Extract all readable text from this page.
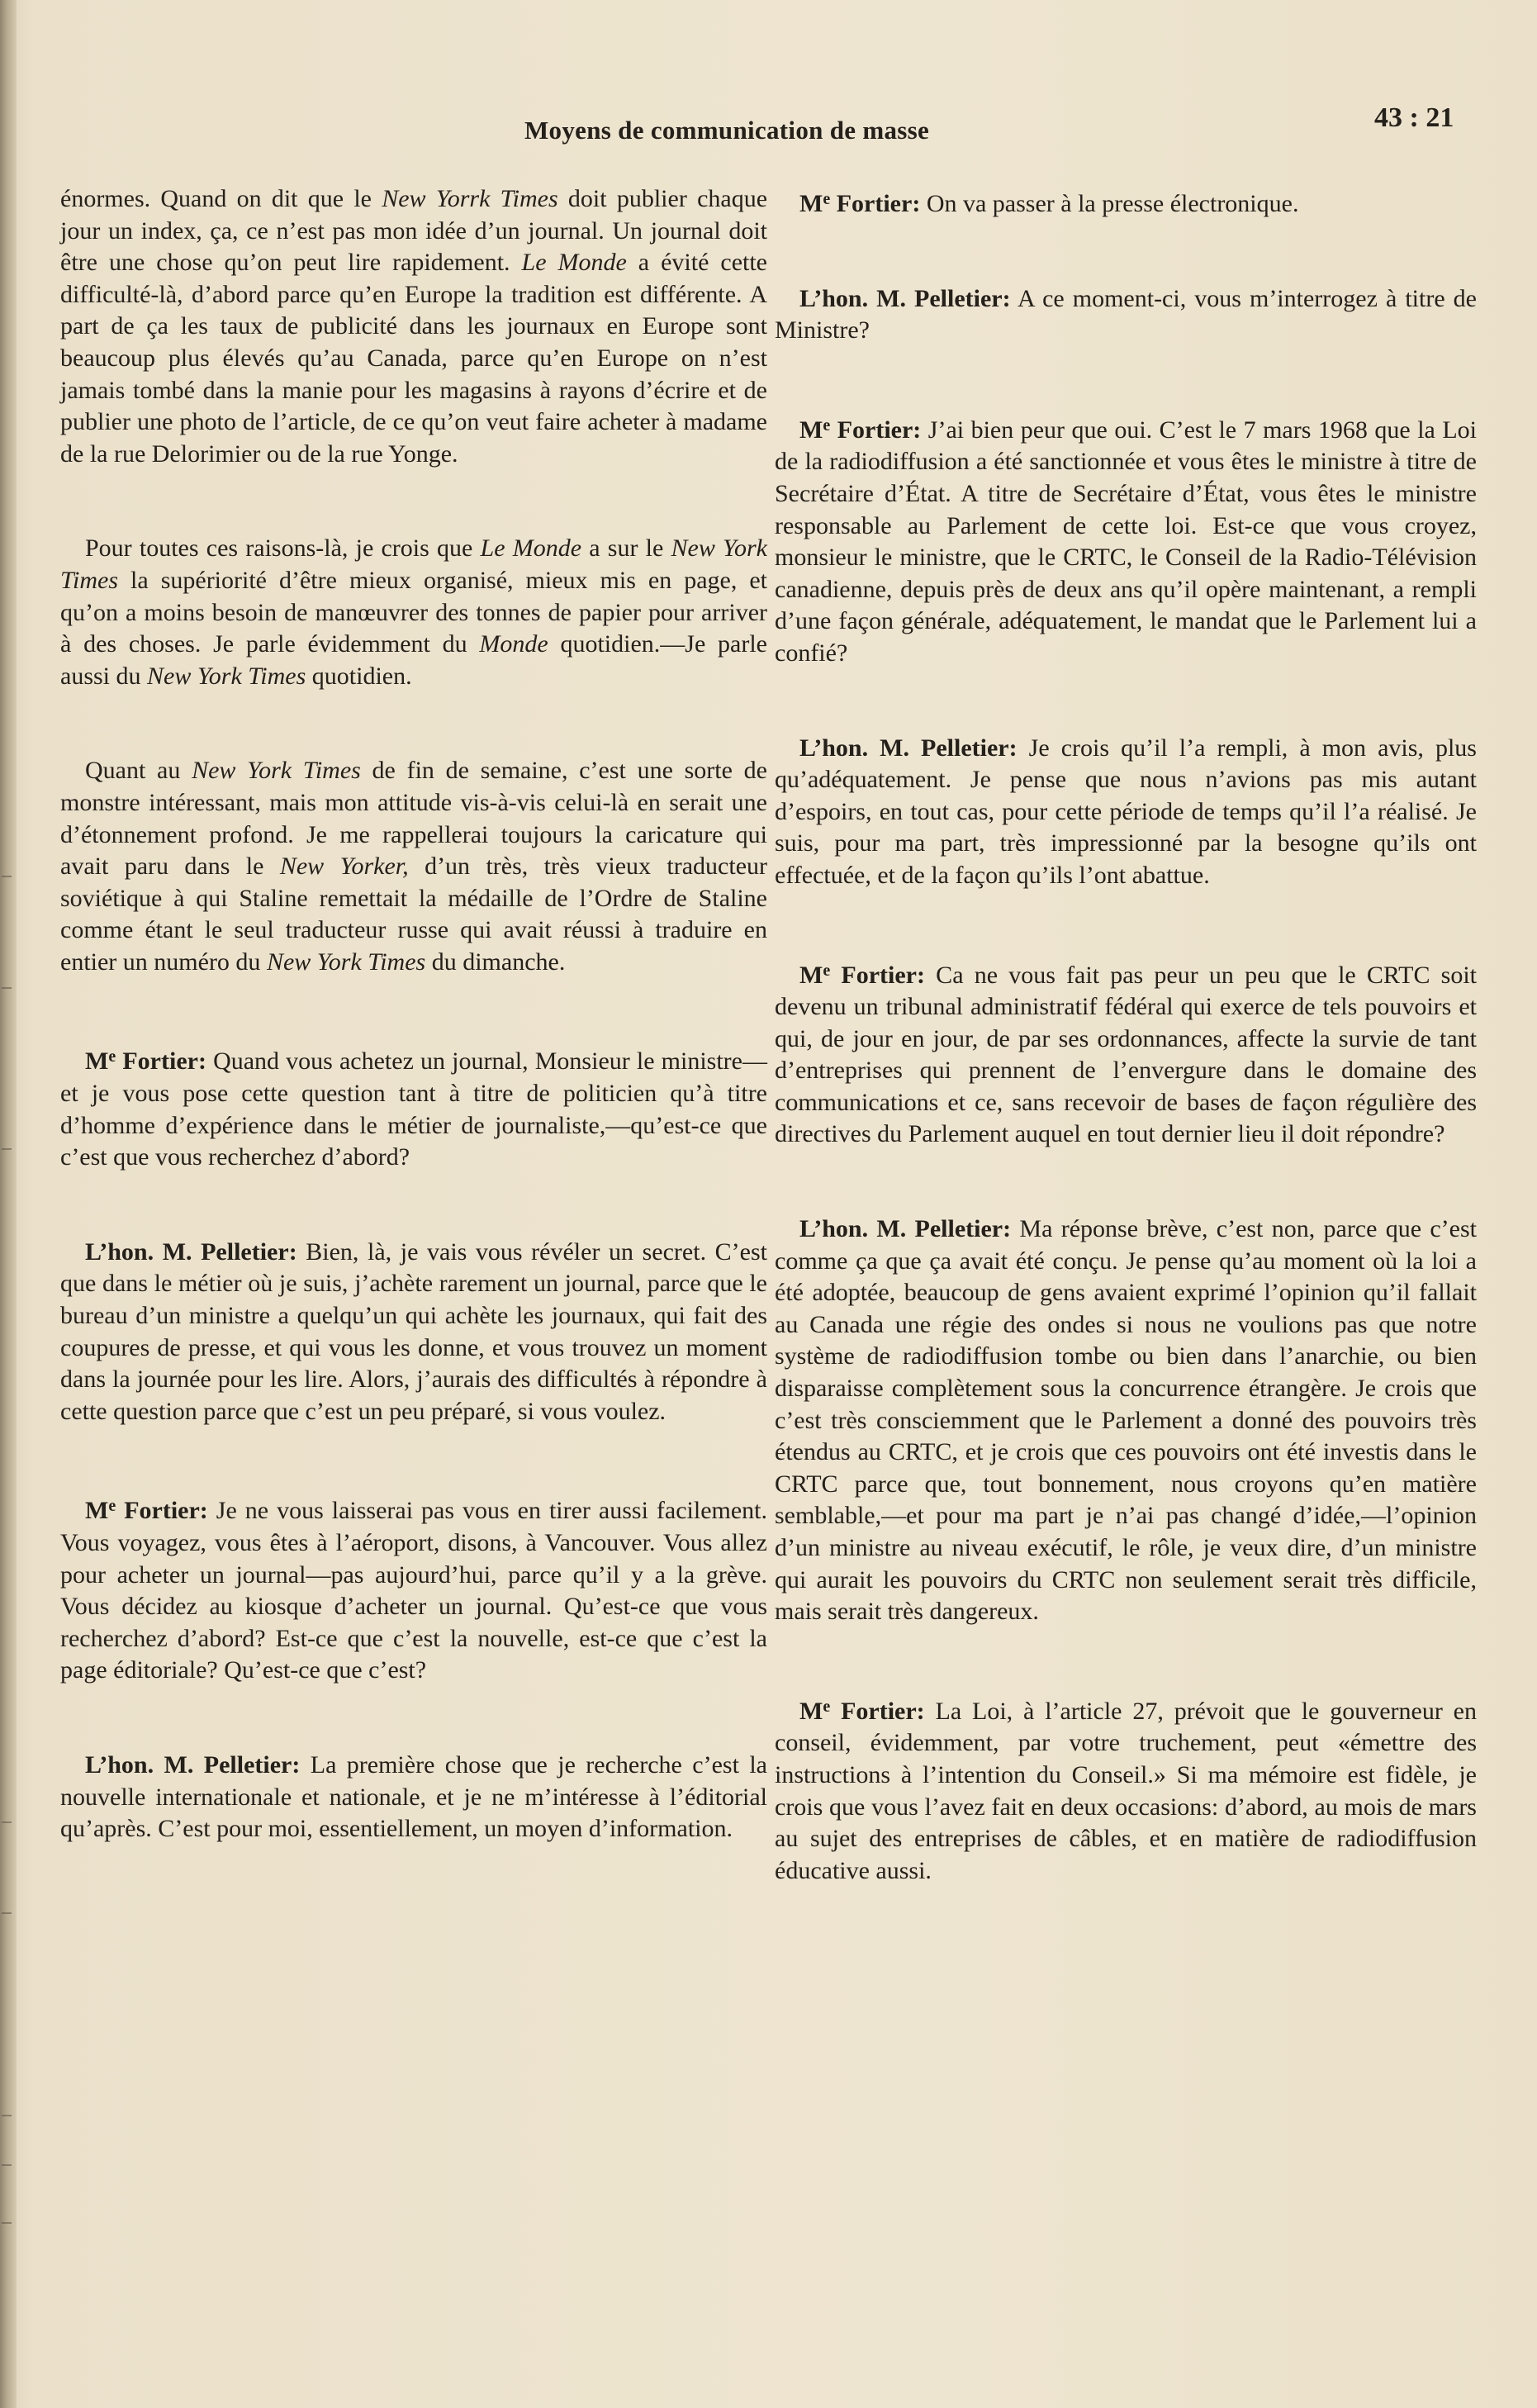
Moyens de communication de masse	43 : 21

énormes. Quand on dit que le New Yorrk Times doit publier chaque jour un index, ça, ce n’est pas mon idée d’un journal. Un journal doit être une chose qu’on peut lire rapidement. Le Monde a évité cette difficulté-là, d’abord parce qu’en Europe la tradition est différente. A part de ça les taux de publicité dans les journaux en Europe sont beaucoup plus élevés qu’au Canada, parce qu’en Europe on n’est jamais tombé dans la manie pour les magasins à rayons d’écrire et de publier une photo de l’article, de ce qu’on veut faire acheter à madame de la rue Delorimier ou de la rue Yonge.

Pour toutes ces raisons-là, je crois que Le Monde a sur le New York Times la supériorité d’être mieux organisé, mieux mis en page, et qu’on a moins besoin de manœuvrer des tonnes de papier pour arriver à des choses. Je parle évidemment du Monde quotidien.—Je parle aussi du New York Times quotidien.

Quant au New York Times de fin de semaine, c’est une sorte de monstre intéressant, mais mon attitude vis-à-vis celui-là en serait une d’étonnement profond. Je me rappellerai toujours la caricature qui avait paru dans le New Yorker, d’un très, très vieux traducteur soviétique à qui Staline remettait la médaille de l’Ordre de Staline comme étant le seul traducteur russe qui avait réussi à traduire en entier un numéro du New York Times du dimanche.

Me Fortier: Quand vous achetez un journal, Monsieur le ministre—et je vous pose cette question tant à titre de politicien qu’à titre d’homme d’expérience dans le métier de journaliste,—qu’est-ce que c’est que vous recherchez d’abord?

L’hon. M. Pelletier: Bien, là, je vais vous révéler un secret. C’est que dans le métier où je suis, j’achète rarement un journal, parce que le bureau d’un ministre a quelqu’un qui achète les journaux, qui fait des coupures de presse, et qui vous les donne, et vous trouvez un moment dans la journée pour les lire. Alors, j’aurais des difficultés à répondre à cette question parce que c’est un peu préparé, si vous voulez.

Me Fortier: Je ne vous laisserai pas vous en tirer aussi facilement. Vous voyagez, vous êtes à l’aéroport, disons, à Vancouver. Vous allez pour acheter un journal—pas aujourd’hui, parce qu’il y a la grève. Vous décidez au kiosque d’acheter un journal. Qu’est-ce que vous recherchez d’abord? Est-ce que c’est la nouvelle, est-ce que c’est la page éditoriale? Qu’est-ce que c’est?

L’hon. M. Pelletier: La première chose que je recherche c’est la nouvelle internationale et nationale, et je ne m’intéresse à l’éditorial qu’après. C’est pour moi, essentiellement, un moyen d’information.

Me Fortier: On va passer à la presse électronique.

L’hon. M. Pelletier: A ce moment-ci, vous m’interrogez à titre de Ministre?

Me Fortier: J’ai bien peur que oui. C’est le 7 mars 1968 que la Loi de la radiodiffusion a été sanctionnée et vous êtes le ministre à titre de Secrétaire d’État. A titre de Secrétaire d’État, vous êtes le ministre responsable au Parlement de cette loi. Est-ce que vous croyez, monsieur le ministre, que le CRTC, le Conseil de la Radio-Télévision canadienne, depuis près de deux ans qu’il opère maintenant, a rempli d’une façon générale, adéquatement, le mandat que le Parlement lui a confié?

L’hon. M. Pelletier: Je crois qu’il l’a rempli, à mon avis, plus qu’adéquatement. Je pense que nous n’avions pas mis autant d’espoirs, en tout cas, pour cette période de temps qu’il l’a réalisé. Je suis, pour ma part, très impressionné par la besogne qu’ils ont effectuée, et de la façon qu’ils l’ont abattue.

Me Fortier: Ca ne vous fait pas peur un peu que le CRTC soit devenu un tribunal administratif fédéral qui exerce de tels pouvoirs et qui, de jour en jour, de par ses ordonnances, affecte la survie de tant d’entreprises qui prennent de l’envergure dans le domaine des communications et ce, sans recevoir de bases de façon régulière des directives du Parlement auquel en tout dernier lieu il doit répondre?

L’hon. M. Pelletier: Ma réponse brève, c’est non, parce que c’est comme ça que ça avait été conçu. Je pense qu’au moment où la loi a été adoptée, beaucoup de gens avaient exprimé l’opinion qu’il fallait au Canada une régie des ondes si nous ne voulions pas que notre système de radiodiffusion tombe ou bien dans l’anarchie, ou bien disparaisse complètement sous la concurrence étrangère. Je crois que c’est très consciemment que le Parlement a donné des pouvoirs très étendus au CRTC, et je crois que ces pouvoirs ont été investis dans le CRTC parce que, tout bonnement, nous croyons qu’en matière semblable,—et pour ma part je n’ai pas changé d’idée,—l’opinion d’un ministre au niveau exécutif, le rôle, je veux dire, d’un ministre qui aurait les pouvoirs du CRTC non seulement serait très difficile, mais serait très dangereux.

Me Fortier: La Loi, à l’article 27, prévoit que le gouverneur en conseil, évidemment, par votre truchement, peut «émettre des instructions à l’intention du Conseil.» Si ma mémoire est fidèle, je crois que vous l’avez fait en deux occasions: d’abord, au mois de mars au sujet des entreprises de câbles, et en matière de radiodiffusion éducative aussi.
